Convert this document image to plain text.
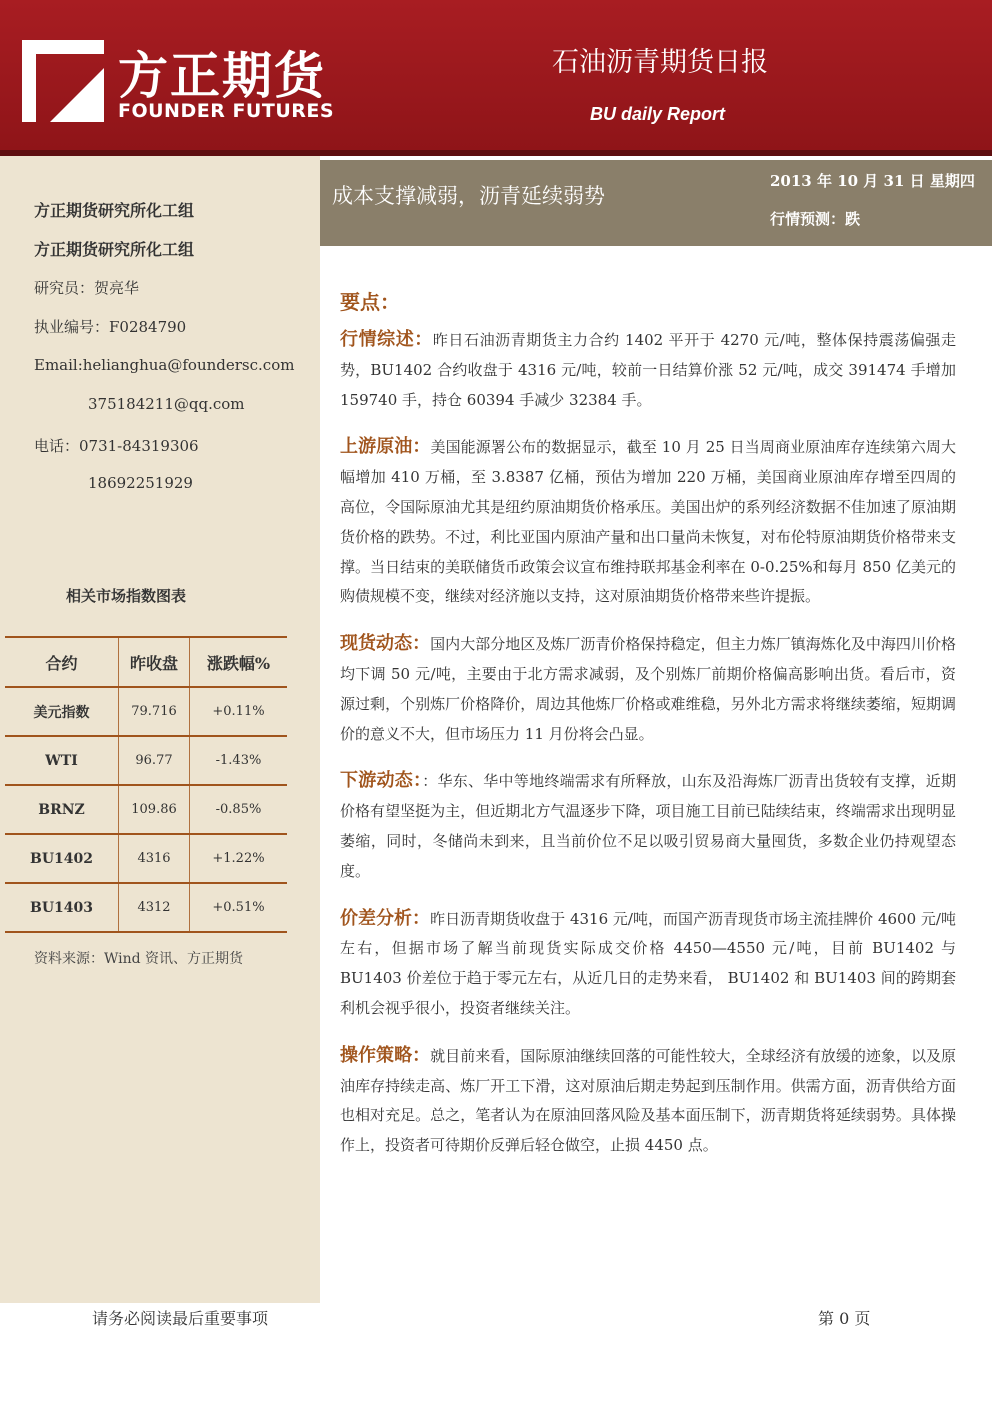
方正期货
FOUNDER FUTURES
石油沥青期货日报
BU daily Report
成本支撑减弱，沥青延续弱势
2013 年 10 月 31 日 星期四
行情预测：跌
方正期货研究所化工组
方正期货研究所化工组
研究员：贺亮华
执业编号：F0284790
Email:helianghua@foundersc.com
375184211@qq.com
电话：0731-84319306
18692251929
相关市场指数图表
合约	昨收盘	涨跌幅%
美元指数	79.716	+0.11%
WTI	96.77	-1.43%
BRNZ	109.86	-0.85%
BU1402	4316	+1.22%
BU1403	4312	+0.51%
资料来源：Wind 资讯、方正期货
要点：

行情综述：昨日石油沥青期货主力合约 1402 平开于 4270 元/吨，整体保持震荡偏强走势，BU1402 合约收盘于 4316 元/吨，较前一日结算价涨 52 元/吨，成交 391474 手增加 159740 手，持仓 60394 手减少 32384 手。

上游原油：美国能源署公布的数据显示，截至 10 月 25 日当周商业原油库存连续第六周大幅增加 410 万桶，至 3.8387 亿桶，预估为增加 220 万桶，美国商业原油库存增至四周的高位，令国际原油尤其是纽约原油期货价格承压。美国出炉的系列经济数据不佳加速了原油期货价格的跌势。不过，利比亚国内原油产量和出口量尚未恢复，对布伦特原油期货价格带来支撑。当日结束的美联储货币政策会议宣布维持联邦基金利率在 0-0.25%和每月 850 亿美元的购债规模不变，继续对经济施以支持，这对原油期货价格带来些许提振。

现货动态：国内大部分地区及炼厂沥青价格保持稳定，但主力炼厂镇海炼化及中海四川价格均下调 50 元/吨，主要由于北方需求减弱，及个别炼厂前期价格偏高影响出货。看后市，资源过剩，个别炼厂价格降价，周边其他炼厂价格或难维稳，另外北方需求将继续萎缩，短期调价的意义不大，但市场压力 11 月份将会凸显。

下游动态：：华东、华中等地终端需求有所释放，山东及沿海炼厂沥青出货较有支撑，近期价格有望坚挺为主，但近期北方气温逐步下降，项目施工目前已陆续结束，终端需求出现明显萎缩，同时，冬储尚未到来，且当前价位不足以吸引贸易商大量囤货，多数企业仍持观望态度。

价差分析：昨日沥青期货收盘于 4316 元/吨，而国产沥青现货市场主流挂牌价 4600 元/吨左右，但据市场了解当前现货实际成交价格 4450—4550 元/吨，目前 BU1402 与 BU1403 价差位于趋于零元左右，从近几日的走势来看， BU1402 和 BU1403 间的跨期套利机会视乎很小，投资者继续关注。

操作策略：就目前来看，国际原油继续回落的可能性较大，全球经济有放缓的迹象，以及原油库存持续走高、炼厂开工下滑，这对原油后期走势起到压制作用。供需方面，沥青供给方面也相对充足。总之，笔者认为在原油回落风险及基本面压制下，沥青期货将延续弱势。具体操作上，投资者可待期价反弹后轻仓做空，止损 4450 点。

请务必阅读最后重要事项	第 0 页
